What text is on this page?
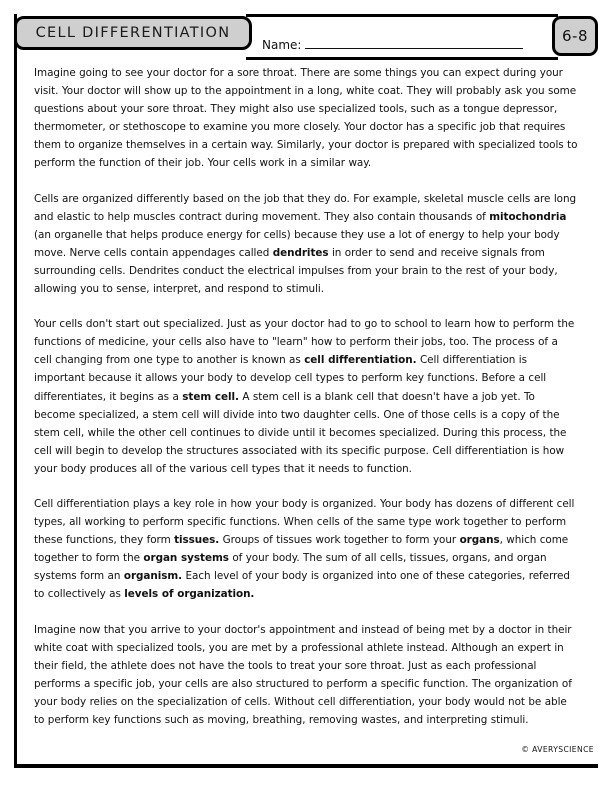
CELL DIFFERENTIATION
Name:	6-8
Imagine going to see your doctor for a sore throat. There are some things you can expect during your visit. Your doctor will show up to the appointment in a long, white coat. They will probably ask you some questions about your sore throat. They might also use specialized tools, such as a tongue depressor, thermometer, or stethoscope to examine you more closely. Your doctor has a specific job that requires them to organize themselves in a certain way. Similarly, your doctor is prepared with specialized tools to perform the function of their job. Your cells work in a similar way.
Cells are organized differently based on the job that they do. For example, skeletal muscle cells are long and elastic to help muscles contract during movement. They also contain thousands of mitochondria (an organelle that helps produce energy for cells) because they use a lot of energy to help your body move. Nerve cells contain appendages called dendrites in order to send and receive signals from surrounding cells. Dendrites conduct the electrical impulses from your brain to the rest of your body, allowing you to sense, interpret, and respond to stimuli.
Your cells don't start out specialized. Just as your doctor had to go to school to learn how to perform the functions of medicine, your cells also have to "learn" how to perform their jobs, too. The process of a cell changing from one type to another is known as cell differentiation. Cell differentiation is important because it allows your body to develop cell types to perform key functions. Before a cell differentiates, it begins as a stem cell. A stem cell is a blank cell that doesn't have a job yet. To become specialized, a stem cell will divide into two daughter cells. One of those cells is a copy of the stem cell, while the other cell continues to divide until it becomes specialized. During this process, the cell will begin to develop the structures associated with its specific purpose. Cell differentiation is how your body produces all of the various cell types that it needs to function.
Cell differentiation plays a key role in how your body is organized. Your body has dozens of different cell types, all working to perform specific functions. When cells of the same type work together to perform these functions, they form tissues. Groups of tissues work together to form your organs, which come together to form the organ systems of your body. The sum of all cells, tissues, organs, and organ systems form an organism. Each level of your body is organized into one of these categories, referred to collectively as levels of organization.
Imagine now that you arrive to your doctor's appointment and instead of being met by a doctor in their white coat with specialized tools, you are met by a professional athlete instead. Although an expert in their field, the athlete does not have the tools to treat your sore throat. Just as each professional performs a specific job, your cells are also structured to perform a specific function. The organization of your body relies on the specialization of cells. Without cell differentiation, your body would not be able to perform key functions such as moving, breathing, removing wastes, and interpreting stimuli.
© AVERYSCIENCE
